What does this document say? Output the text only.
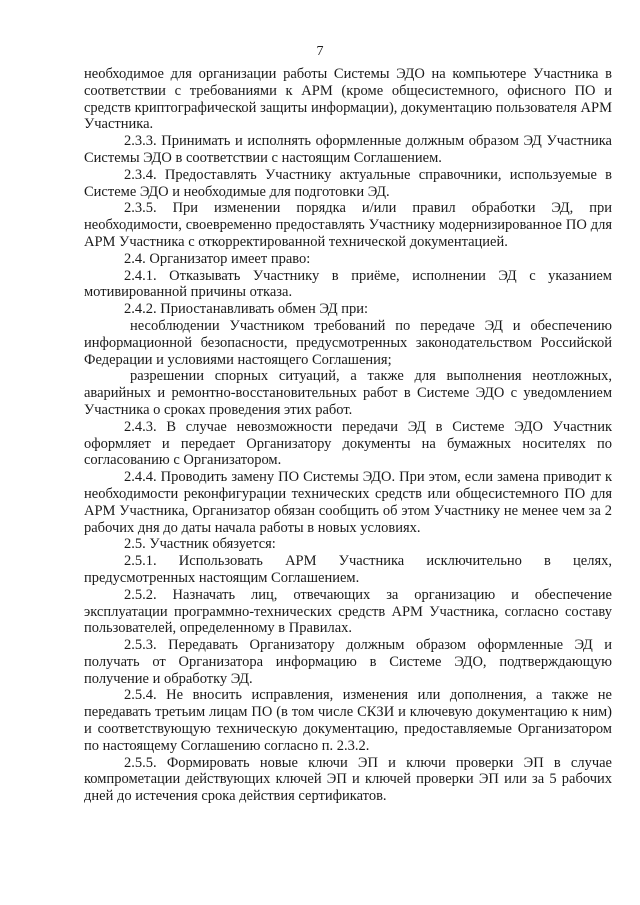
7

необходимое для организации работы Системы ЭДО на компьютере Участника в соответствии с требованиями к АРМ (кроме общесистемного, офисного ПО и средств криптографической защиты информации), документацию пользователя АРМ Участника.

2.3.3. Принимать и исполнять оформленные должным образом ЭД Участника Системы ЭДО в соответствии с настоящим Соглашением.

2.3.4. Предоставлять Участнику актуальные справочники, используемые в Системе ЭДО и необходимые для подготовки ЭД.

2.3.5. При изменении порядка и/или правил обработки ЭД, при необходимости, своевременно предоставлять Участнику модернизированное ПО для АРМ Участника с откорректированной технической документацией.

2.4. Организатор имеет право:

2.4.1. Отказывать Участнику в приёме, исполнении ЭД с указанием мотивированной причины отказа.

2.4.2. Приостанавливать обмен ЭД при:

несоблюдении Участником требований по передаче ЭД и обеспечению информационной безопасности, предусмотренных законодательством Российской Федерации и условиями настоящего Соглашения;

разрешении спорных ситуаций, а также для выполнения неотложных, аварийных и ремонтно-восстановительных работ в Системе ЭДО с уведомлением Участника о сроках проведения этих работ.

2.4.3. В случае невозможности передачи ЭД в Системе ЭДО Участник оформляет и передает Организатору документы на бумажных носителях по согласованию с Организатором.

2.4.4. Проводить замену ПО Системы ЭДО. При этом, если замена приводит к необходимости реконфигурации технических средств или общесистемного ПО для АРМ Участника, Организатор обязан сообщить об этом Участнику не менее чем за 2 рабочих дня до даты начала работы в новых условиях.

2.5. Участник обязуется:

2.5.1. Использовать АРМ Участника исключительно в целях, предусмотренных настоящим Соглашением.

2.5.2. Назначать лиц, отвечающих за организацию и обеспечение эксплуатации программно-технических средств АРМ Участника, согласно составу пользователей, определенному в Правилах.

2.5.3. Передавать Организатору должным образом оформленные ЭД и получать от Организатора информацию в Системе ЭДО, подтверждающую получение и обработку ЭД.

2.5.4. Не вносить исправления, изменения или дополнения, а также не передавать третьим лицам ПО (в том числе СКЗИ и ключевую документацию к ним) и соответствующую техническую документацию, предоставляемые Организатором по настоящему Соглашению согласно п. 2.3.2.

2.5.5. Формировать новые ключи ЭП и ключи проверки ЭП в случае компрометации действующих ключей ЭП и ключей проверки ЭП или за 5 рабочих дней до истечения срока действия сертификатов.
